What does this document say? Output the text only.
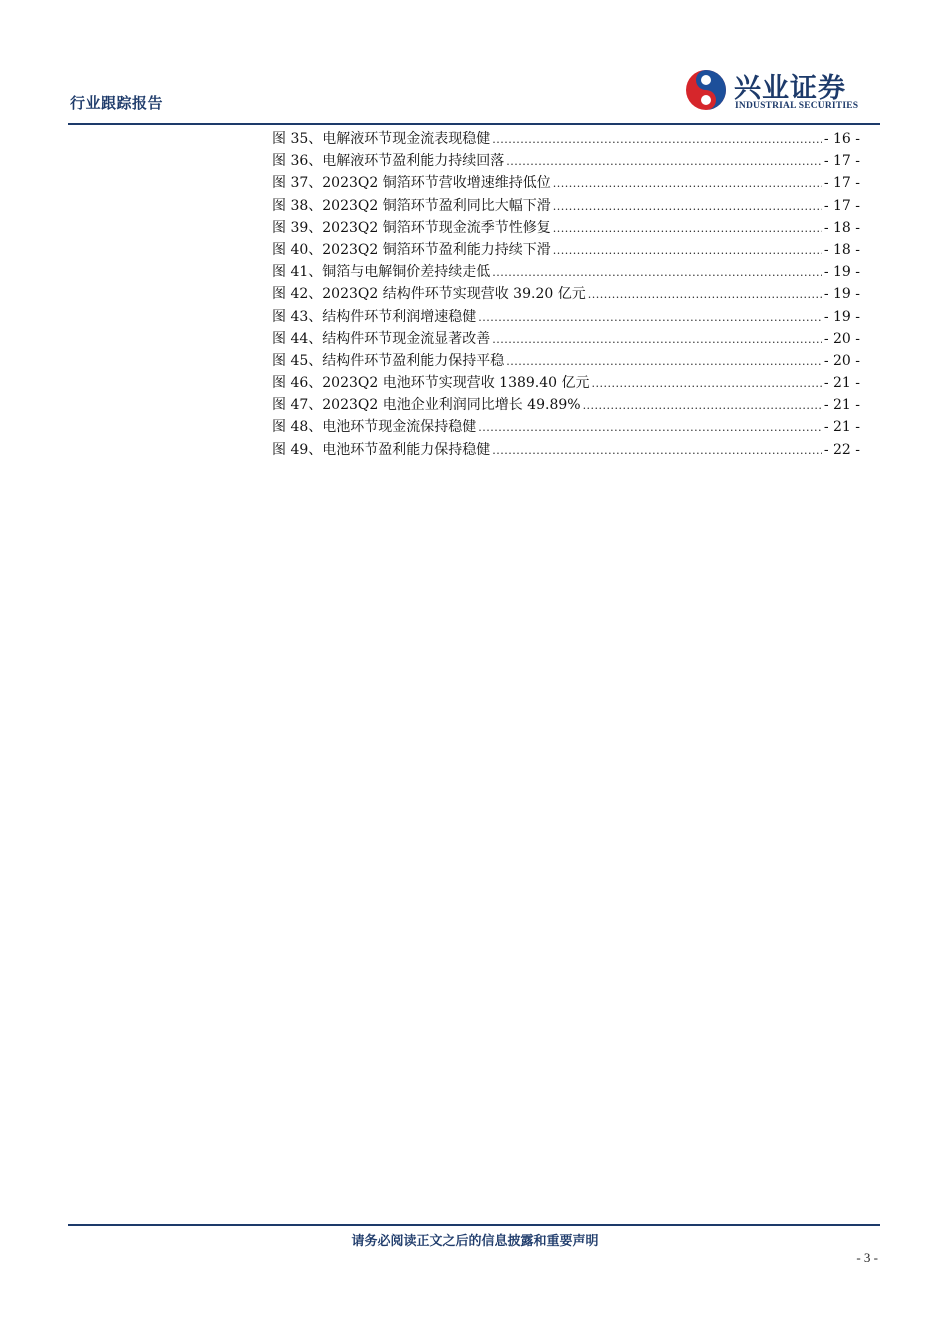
行业跟踪报告	兴业证券
INDUSTRIAL SECURITIES
图 35、电解液环节现金流表现稳健 .....	- 16 -
图 36、电解液环节盈利能力持续回落 .....	- 17 -
图 37、2023Q2 铜箔环节营收增速维持低位 .....	- 17 -
图 38、2023Q2 铜箔环节盈利同比大幅下滑 .....	- 17 -
图 39、2023Q2 铜箔环节现金流季节性修复 .....	- 18 -
图 40、2023Q2 铜箔环节盈利能力持续下滑 .....	- 18 -
图 41、铜箔与电解铜价差持续走低 .....	- 19 -
图 42、2023Q2 结构件环节实现营收 39.20 亿元 .....	- 19 -
图 43、结构件环节利润增速稳健 .....	- 19 -
图 44、结构件环节现金流显著改善 .....	- 20 -
图 45、结构件环节盈利能力保持平稳 .....	- 20 -
图 46、2023Q2 电池环节实现营收 1389.40 亿元 .....	- 21 -
图 47、2023Q2 电池企业利润同比增长 49.89% .....	- 21 -
图 48、电池环节现金流保持稳健 .....	- 21 -
图 49、电池环节盈利能力保持稳健 .....	- 22 -
请务必阅读正文之后的信息披露和重要声明
- 3 -
